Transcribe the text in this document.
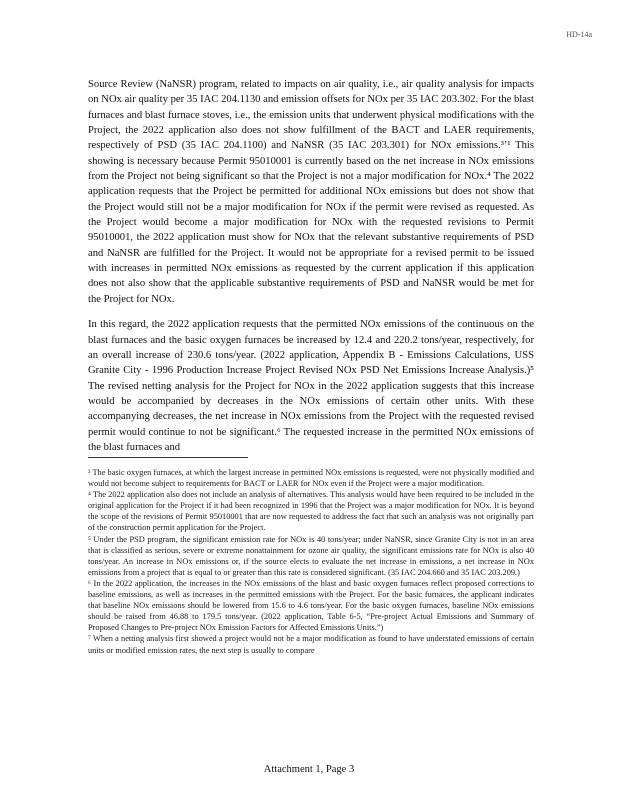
HD-14a

Source Review (NaNSR) program, related to impacts on air quality, i.e., air quality analysis for impacts on NOx air quality per 35 IAC 204.1130 and emission offsets for NOx per 35 IAC 203.302. For the blast furnaces and blast furnace stoves, i.e., the emission units that underwent physical modifications with the Project, the 2022 application also does not show fulfillment of the BACT and LAER requirements, respectively of PSD (35 IAC 204.1100) and NaNSR (35 IAC 203.301) for NOx emissions.³’¹ This showing is necessary because Permit 95010001 is currently based on the net increase in NOx emissions from the Project not being significant so that the Project is not a major modification for NOx.⁴ The 2022 application requests that the Project be permitted for additional NOx emissions but does not show that the Project would still not be a major modification for NOx if the permit were revised as requested. As the Project would become a major modification for NOx with the requested revisions to Permit 95010001, the 2022 application must show for NOx that the relevant substantive requirements of PSD and NaNSR are fulfilled for the Project. It would not be appropriate for a revised permit to be issued with increases in permitted NOx emissions as requested by the current application if this application does not also show that the applicable substantive requirements of PSD and NaNSR would be met for the Project for NOx.

In this regard, the 2022 application requests that the permitted NOx emissions of the continuous on the blast furnaces and the basic oxygen furnaces be increased by 12.4 and 220.2 tons/year, respectively, for an overall increase of 230.6 tons/year. (2022 application, Appendix B - Emissions Calculations, USS Granite City - 1996 Production Increase Project Revised NOx PSD Net Emissions Increase Analysis.)⁵ The revised netting analysis for the Project for NOx in the 2022 application suggests that this increase would be accompanied by decreases in the NOx emissions of certain other units. With these accompanying decreases, the net increase in NOx emissions from the Project with the requested revised permit would continue to not be significant.⁶ The requested increase in the permitted NOx emissions of the blast furnaces and

³ The basic oxygen furnaces, at which the largest increase in permitted NOx emissions is requested, were not physically modified and would not become subject to requirements for BACT or LAER for NOx even if the Project were a major modification.

⁴ The 2022 application also does not include an analysis of alternatives. This analysis would have been required to be included in the original application for the Project if it had been recognized in 1996 that the Project was a major modification for NOx. It is beyond the scope of the revisions of Permit 95010001 that are now requested to address the fact that such an analysis was not originally part of the construction permit application for the Project.

⁵ Under the PSD program, the significant emission rate for NOx is 40 tons/year; under NaNSR, since Granite City is not in an area that is classified as serious, severe or extreme nonattainment for ozone air quality, the significant emissions rate for NOx is also 40 tons/year. An increase in NOx emissions or, if the source elects to evaluate the net increase in emissions, a net increase in NOx emissions from a project that is equal to or greater than this rate is considered significant. (35 IAC 204.660 and 35 IAC 203.209.)

⁶ In the 2022 application, the increases in the NOx emissions of the blast and basic oxygen furnaces reflect proposed corrections to baseline emissions, as well as increases in the permitted emissions with the Project. For the basic furnaces, the applicant indicates that baseline NOx emissions should be lowered from 15.6 to 4.6 tons/year. For the basic oxygen furnaces, baseline NOx emissions should be raised from 46.88 to 179.5 tons/year. (2022 application, Table 6-5, “Pre-project Actual Emissions and Summary of Proposed Changes to Pre-project NOx Emission Factors for Affected Emissions Units.”)

⁷ When a netting analysis first showed a project would not be a major modification as found to have understated emissions of certain units or modified emission rates, the next step is usually to compare

Attachment 1, Page 3
